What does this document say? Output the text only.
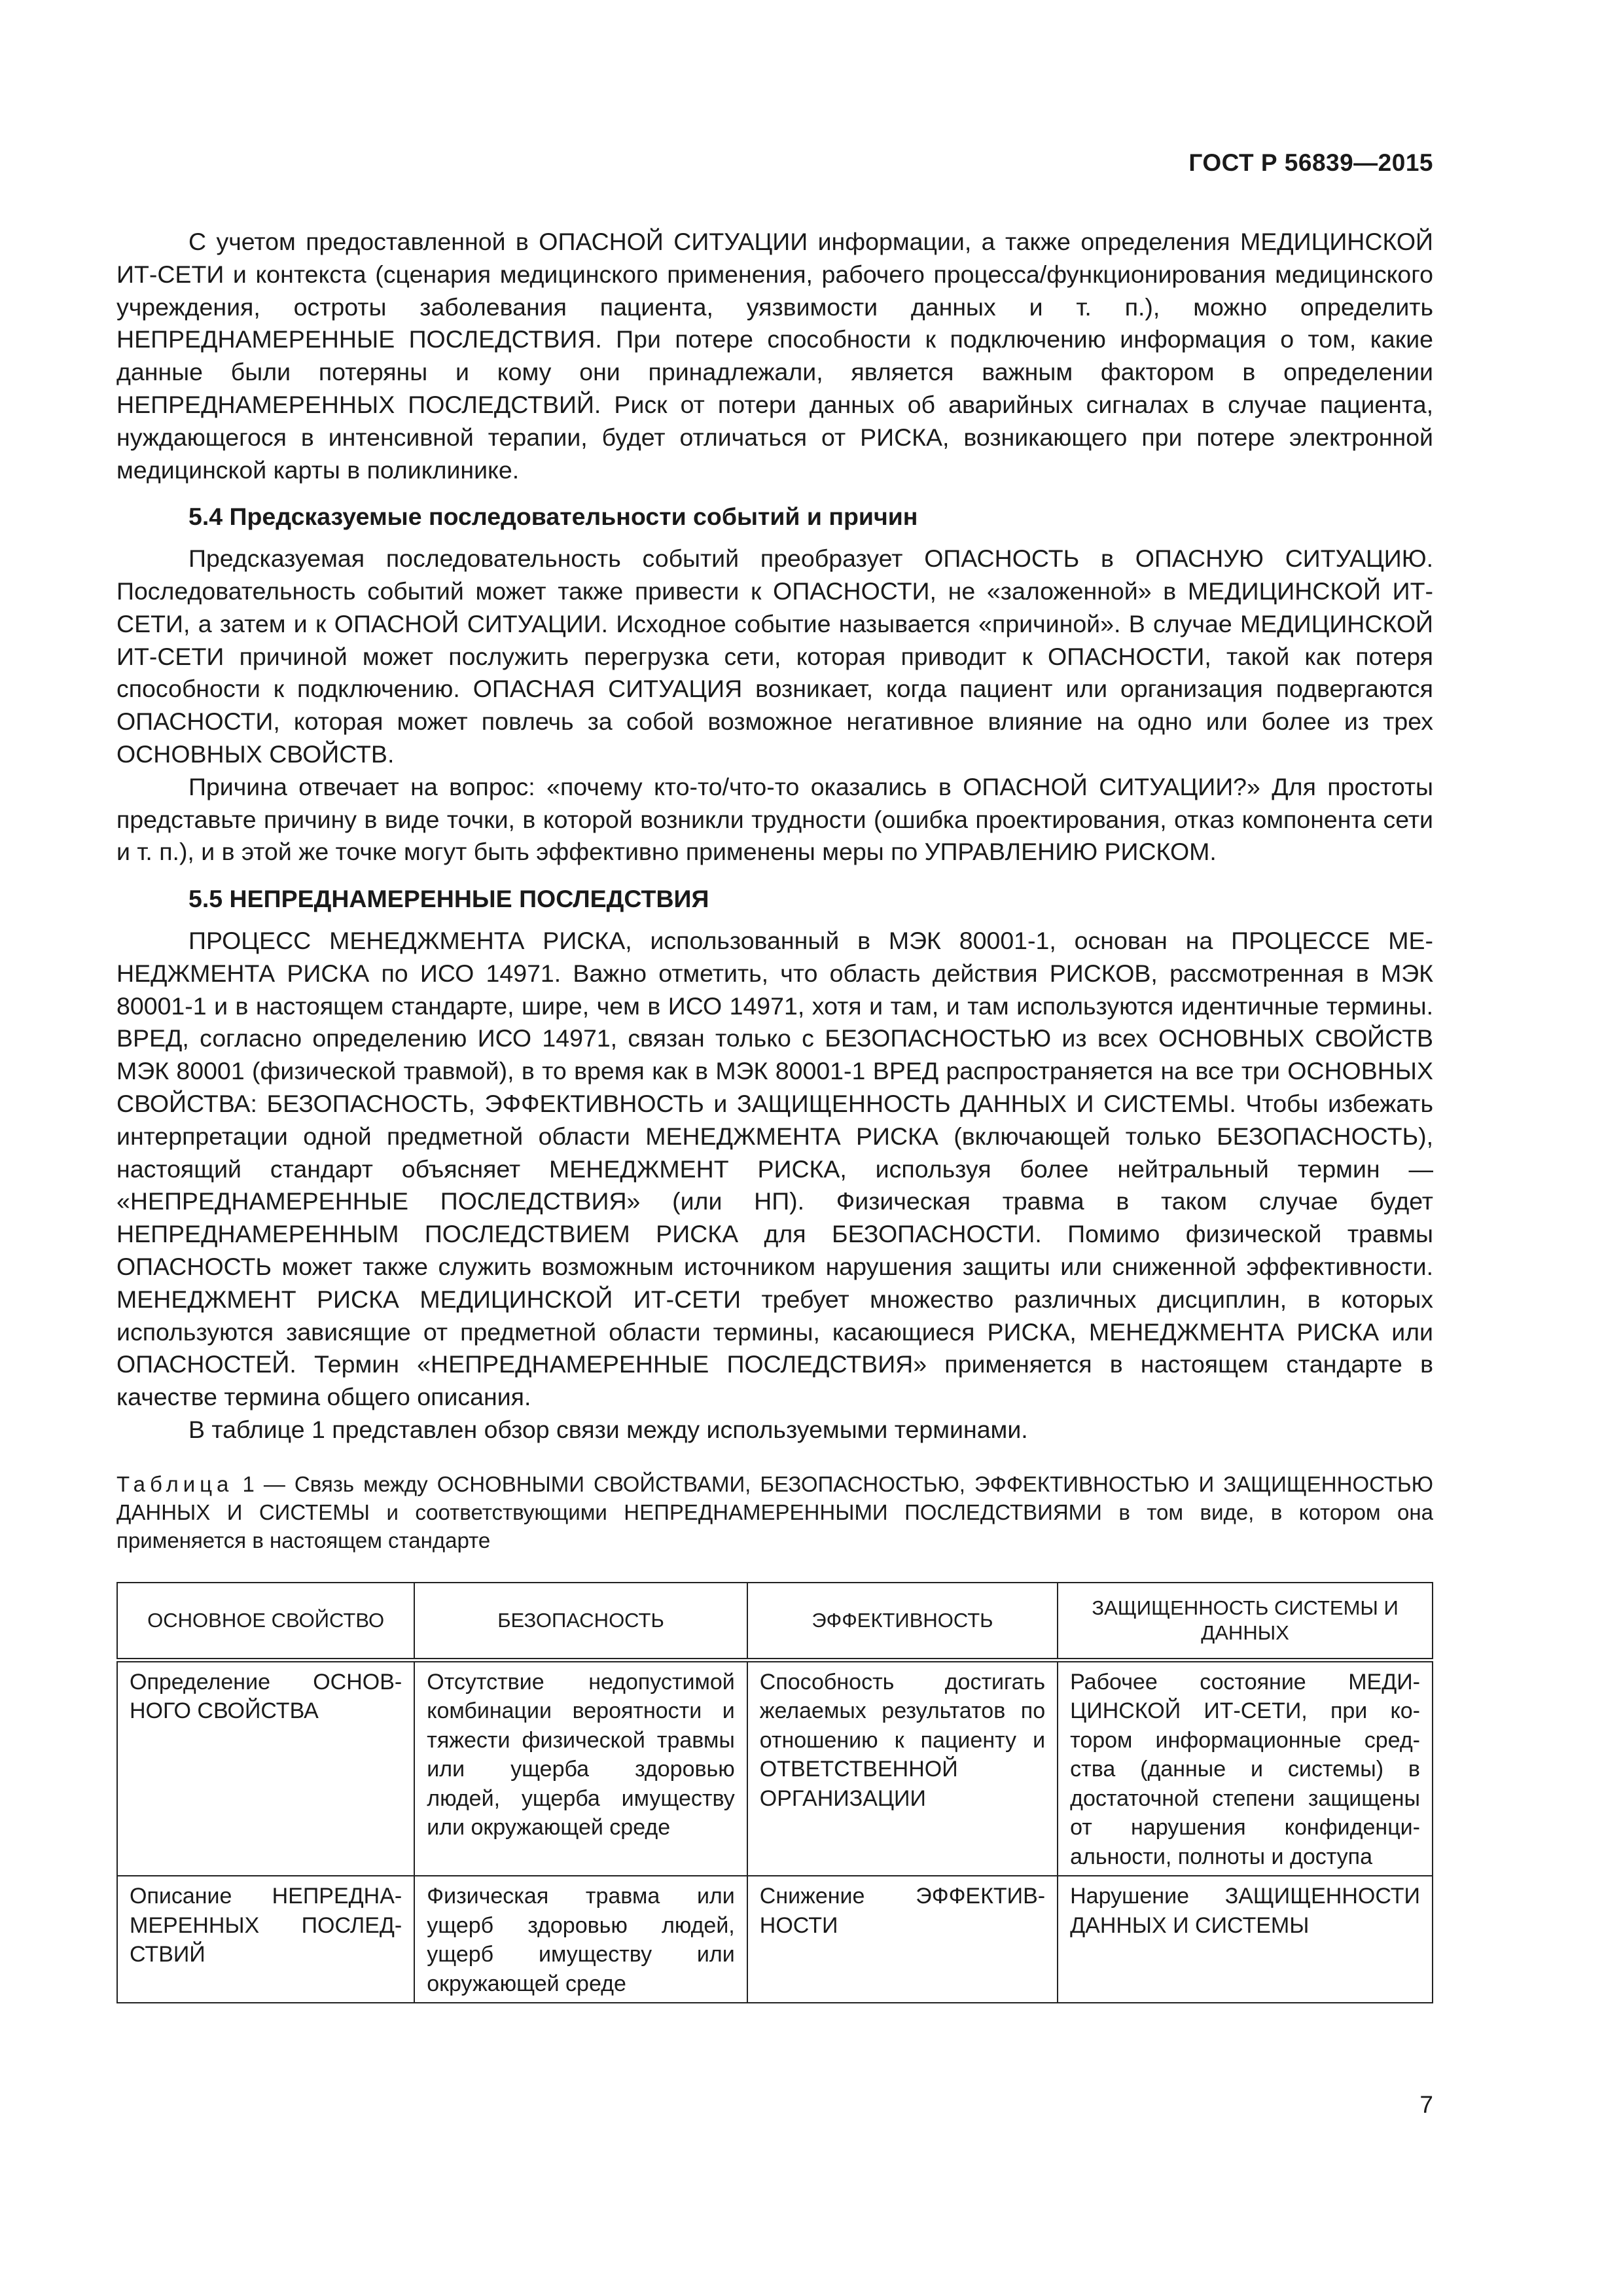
ГОСТ Р 56839—2015

С учетом предоставленной в ОПАСНОЙ СИТУАЦИИ информации, а также определения МЕДИЦИНСКОЙ ИТ-СЕТИ и контекста (сценария медицинского применения, рабочего процесса/функционирования медицинского учреждения, остроты заболевания пациента, уязвимости данных и т. п.), можно определить НЕПРЕДНАМЕРЕННЫЕ ПОСЛЕДСТВИЯ. При потере способности к подключению информация о том, какие данные были потеряны и кому они принадлежали, является важным фактором в определении НЕПРЕДНАМЕРЕННЫХ ПОСЛЕДСТВИЙ. Риск от потери данных об аварийных сигналах в случае пациента, нуждающегося в интенсивной терапии, будет отличаться от РИСКА, возникающего при потере электронной медицинской карты в поликлинике.

5.4 Предсказуемые последовательности событий и причин

Предсказуемая последовательность событий преобразует ОПАСНОСТЬ в ОПАСНУЮ СИТУАЦИЮ. Последовательность событий может также привести к ОПАСНОСТИ, не «заложенной» в МЕДИЦИНСКОЙ ИТ-СЕТИ, а затем и к ОПАСНОЙ СИТУАЦИИ. Исходное событие называется «причиной». В случае МЕДИЦИНСКОЙ ИТ-СЕТИ причиной может послужить перегрузка сети, которая приводит к ОПАСНОСТИ, такой как потеря способности к подключению. ОПАСНАЯ СИТУАЦИЯ возникает, когда пациент или организация подвергаются ОПАСНОСТИ, которая может повлечь за собой возможное негативное влияние на одно или более из трех ОСНОВНЫХ СВОЙСТВ.

Причина отвечает на вопрос: «почему кто-то/что-то оказались в ОПАСНОЙ СИТУАЦИИ?» Для простоты представьте причину в виде точки, в которой возникли трудности (ошибка проектирования, отказ компонента сети и т. п.), и в этой же точке могут быть эффективно применены меры по УПРАВЛЕНИЮ РИСКОМ.

5.5 НЕПРЕДНАМЕРЕННЫЕ ПОСЛЕДСТВИЯ

ПРОЦЕСС МЕНЕДЖМЕНТА РИСКА, использованный в МЭК 80001-1, основан на ПРОЦЕССЕ МЕНЕДЖМЕНТА РИСКА по ИСО 14971. Важно отметить, что область действия РИСКОВ, рассмотренная в МЭК 80001-1 и в настоящем стандарте, шире, чем в ИСО 14971, хотя и там, и там используются идентичные термины. ВРЕД, согласно определению ИСО 14971, связан только с БЕЗОПАСНОСТЬЮ из всех ОСНОВНЫХ СВОЙСТВ МЭК 80001 (физической травмой), в то время как в МЭК 80001-1 ВРЕД распространяется на все три ОСНОВНЫХ СВОЙСТВА: БЕЗОПАСНОСТЬ, ЭФФЕКТИВНОСТЬ и ЗАЩИЩЕННОСТЬ ДАННЫХ И СИСТЕМЫ. Чтобы избежать интерпретации одной предметной области МЕНЕДЖМЕНТА РИСКА (включающей только БЕЗОПАСНОСТЬ), настоящий стандарт объясняет МЕНЕДЖМЕНТ РИСКА, используя более нейтральный термин — «НЕПРЕДНАМЕРЕННЫЕ ПОСЛЕДСТВИЯ» (или НП). Физическая травма в таком случае будет НЕПРЕДНАМЕРЕННЫМ ПОСЛЕДСТВИЕМ РИСКА для БЕЗОПАСНОСТИ. Помимо физической травмы ОПАСНОСТЬ может также служить возможным источником нарушения защиты или сниженной эффективности. МЕНЕДЖМЕНТ РИСКА МЕДИЦИНСКОЙ ИТ-СЕТИ требует множество различных дисциплин, в которых используются зависящие от предметной области термины, касающиеся РИСКА, МЕНЕДЖМЕНТА РИСКА или ОПАСНОСТЕЙ. Термин «НЕПРЕДНАМЕРЕННЫЕ ПОСЛЕДСТВИЯ» применяется в настоящем стандарте в качестве термина общего описания.

В таблице 1 представлен обзор связи между используемыми терминами.

Таблица 1 — Связь между ОСНОВНЫМИ СВОЙСТВАМИ, БЕЗОПАСНОСТЬЮ, ЭФФЕКТИВНОСТЬЮ И ЗАЩИЩЕННОСТЬЮ ДАННЫХ И СИСТЕМЫ и соответствующими НЕПРЕДНАМЕРЕННЫМИ ПОСЛЕДСТВИЯМИ в том виде, в котором она применяется в настоящем стандарте
ОСНОВНОЕ СВОЙСТВО	БЕЗОПАСНОСТЬ	ЭФФЕКТИВНОСТЬ	ЗАЩИЩЕННОСТЬ СИСТЕМЫ И ДАННЫХ
Определение ОСНОВНОГО СВОЙСТВА	Отсутствие недопустимой комбинации вероятности и тяжести физической травмы или ущерба здоровью людей, ущерба имуществу или окружающей среде	Способность достигать желаемых результатов по отношению к пациенту и ОТВЕТСТВЕННОЙ ОРГАНИЗАЦИИ	Рабочее состояние МЕДИЦИНСКОЙ ИТ-СЕТИ, при котором информационные средства (данные и системы) в достаточной степени защищены от нарушения конфиденциальности, полноты и доступа
Описание НЕПРЕДНАМЕРЕННЫХ ПОСЛЕДСТВИЙ	Физическая травма или ущерб здоровью людей, ущерб имуществу или окружающей среде	Снижение ЭФФЕКТИВНОСТИ	Нарушение ЗАЩИЩЕННОСТИ ДАННЫХ И СИСТЕМЫ
7
